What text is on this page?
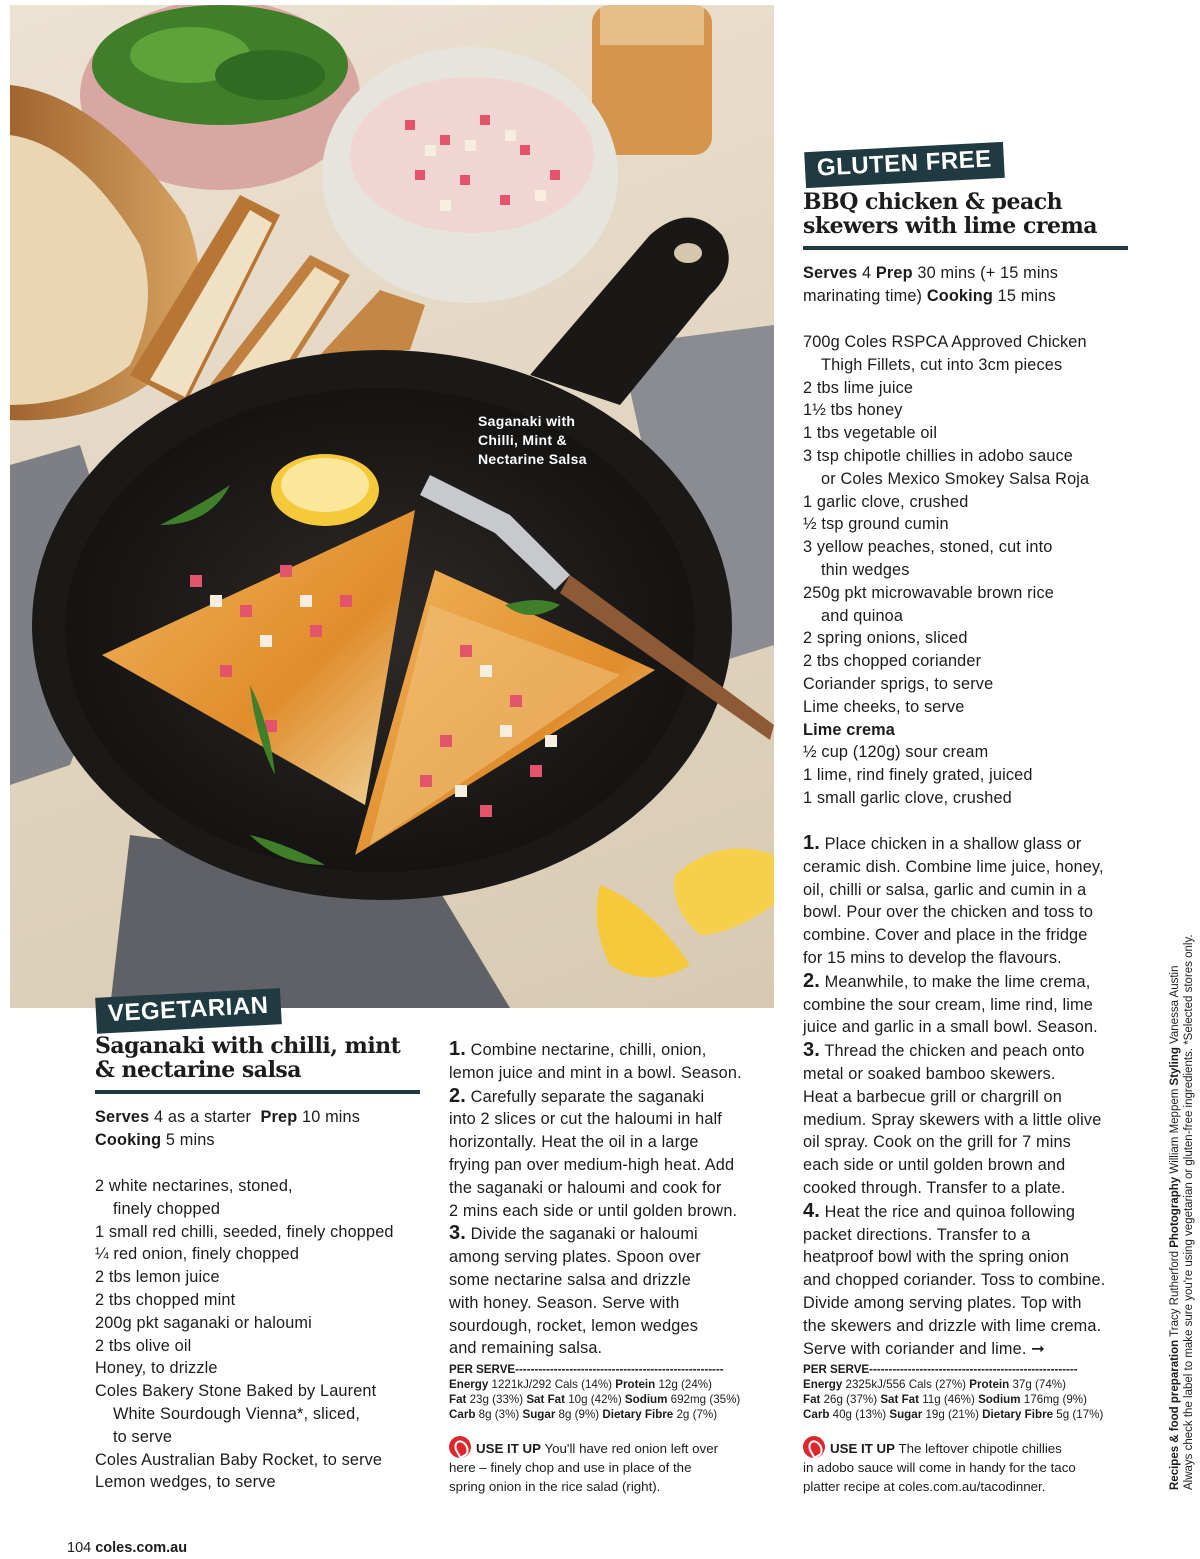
Saganaki with
Chilli, Mint &
Nectarine Salsa
GLUTEN FREE
BBQ chicken & peach
skewers with lime crema
Serves 4 Prep 30 mins (+ 15 mins
marinating time) Cooking 15 mins
700g Coles RSPCA Approved Chicken
Thigh Fillets, cut into 3cm pieces
2 tbs lime juice
1½ tbs honey
1 tbs vegetable oil
3 tsp chipotle chillies in adobo sauce
or Coles Mexico Smokey Salsa Roja
1 garlic clove, crushed
½ tsp ground cumin
3 yellow peaches, stoned, cut into
thin wedges
250g pkt microwavable brown rice
and quinoa
2 spring onions, sliced
2 tbs chopped coriander
Coriander sprigs, to serve
Lime cheeks, to serve
Lime crema
½ cup (120g) sour cream
1 lime, rind finely grated, juiced
1 small garlic clove, crushed
1. Place chicken in a shallow glass or
ceramic dish. Combine lime juice, honey,
oil, chilli or salsa, garlic and cumin in a
bowl. Pour over the chicken and toss to
combine. Cover and place in the fridge
for 15 mins to develop the flavours.
2. Meanwhile, to make the lime crema,
combine the sour cream, lime rind, lime
juice and garlic in a small bowl. Season.
3. Thread the chicken and peach onto
metal or soaked bamboo skewers.
Heat a barbecue grill or chargrill on
medium. Spray skewers with a little olive
oil spray. Cook on the grill for 7 mins
each side or until golden brown and
cooked through. Transfer to a plate.
4. Heat the rice and quinoa following
packet directions. Transfer to a
heatproof bowl with the spring onion
and chopped coriander. Toss to combine.
Divide among serving plates. Top with
the skewers and drizzle with lime crema.
Serve with coriander and lime. ➞
PER SERVE------------------------------------------------------
Energy 2325kJ/556 Cals (27%) Protein 37g (74%)
Fat 26g (37%) Sat Fat 11g (46%) Sodium 176mg (9%)
Carb 40g (13%) Sugar 19g (21%) Dietary Fibre 5g (17%)
USE IT UP The leftover chipotle chillies
in adobo sauce will come in handy for the taco
platter recipe at coles.com.au/tacodinner.
VEGETARIAN
Saganaki with chilli, mint
& nectarine salsa
Serves 4 as a starter Prep 10 mins
Cooking 5 mins
2 white nectarines, stoned,
finely chopped
1 small red chilli, seeded, finely chopped
¼ red onion, finely chopped
2 tbs lemon juice
2 tbs chopped mint
200g pkt saganaki or haloumi
2 tbs olive oil
Honey, to drizzle
Coles Bakery Stone Baked by Laurent
White Sourdough Vienna*, sliced,
to serve
Coles Australian Baby Rocket, to serve
Lemon wedges, to serve
1. Combine nectarine, chilli, onion,
lemon juice and mint in a bowl. Season.
2. Carefully separate the saganaki
into 2 slices or cut the haloumi in half
horizontally. Heat the oil in a large
frying pan over medium-high heat. Add
the saganaki or haloumi and cook for
2 mins each side or until golden brown.
3. Divide the saganaki or haloumi
among serving plates. Spoon over
some nectarine salsa and drizzle
with honey. Season. Serve with
sourdough, rocket, lemon wedges
and remaining salsa.
PER SERVE------------------------------------------------------
Energy 1221kJ/292 Cals (14%) Protein 12g (24%)
Fat 23g (33%) Sat Fat 10g (42%) Sodium 692mg (35%)
Carb 8g (3%) Sugar 8g (9%) Dietary Fibre 2g (7%)
USE IT UP You'll have red onion left over
here – finely chop and use in place of the
spring onion in the rice salad (right).	Recipes & food preparation Tracy Rutherford Photography William Meppem Styling Vanessa Austin Always check the label to make sure you're using vegetarian or gluten-free ingredients. *Selected stores only.
104 coles.com.au
